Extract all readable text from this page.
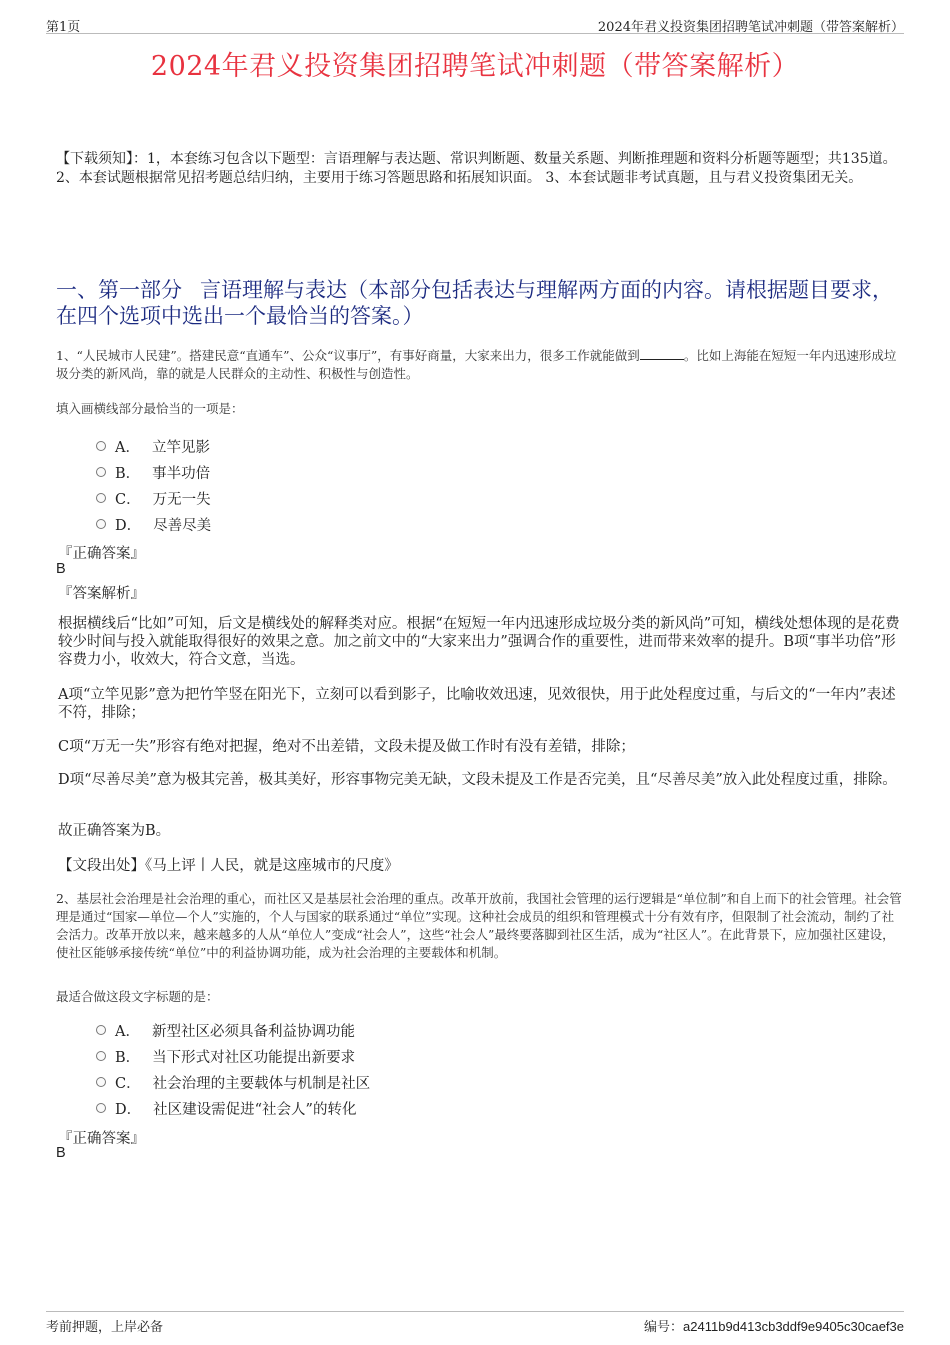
第1页	2024年君义投资集团招聘笔试冲刺题（带答案解析）
2024年君义投资集团招聘笔试冲刺题（带答案解析）
【下载须知】：1，本套练习包含以下题型：言语理解与表达题、常识判断题、数量关系题、判断推理题和资料分析题等题型；共135道。 2、本套试题根据常见招考题总结归纳，主要用于练习答题思路和拓展知识面。 3、本套试题非考试真题，且与君义投资集团无关。
一、第一部分 言语理解与表达（本部分包括表达与理解两方面的内容。请根据题目要求，在四个选项中选出一个最恰当的答案。）
1、“人民城市人民建”。搭建民意“直通车”、公众“议事厅”，有事好商量，大家来出力，很多工作就能做到	。比如上海能在短短一年内迅速形成垃圾分类的新风尚，靠的就是人民群众的主动性、积极性与创造性。
填入画横线部分最恰当的一项是：
A． 立竿见影
B． 事半功倍
C． 万无一失
D． 尽善尽美
『正确答案』
B
『答案解析』
根据横线后“比如”可知，后文是横线处的解释类对应。根据“在短短一年内迅速形成垃圾分类的新风尚”可知，横线处想体现的是花费较少时间与投入就能取得很好的效果之意。加之前文中的“大家来出力”强调合作的重要性，进而带来效率的提升。B项“事半功倍”形容费力小，收效大，符合文意，当选。
A项“立竿见影”意为把竹竿竖在阳光下，立刻可以看到影子，比喻收效迅速，见效很快，用于此处程度过重，与后文的“一年内”表述不符，排除；
C项“万无一失”形容有绝对把握，绝对不出差错，文段未提及做工作时有没有差错，排除；
D项“尽善尽美”意为极其完善，极其美好，形容事物完美无缺，文段未提及工作是否完美，且“尽善尽美”放入此处程度过重，排除。
故正确答案为B。
【文段出处】《马上评丨人民，就是这座城市的尺度》
2、基层社会治理是社会治理的重心，而社区又是基层社会治理的重点。改革开放前，我国社会管理的运行逻辑是“单位制”和自上而下的社会管理。社会管理是通过“国家—单位—个人”实施的，个人与国家的联系通过“单位”实现。这种社会成员的组织和管理模式十分有效有序，但限制了社会流动，制约了社会活力。改革开放以来，越来越多的人从“单位人”变成“社会人”，这些“社会人”最终要落脚到社区生活，成为“社区人”。在此背景下，应加强社区建设，使社区能够承接传统“单位”中的利益协调功能，成为社会治理的主要载体和机制。
最适合做这段文字标题的是：
A． 新型社区必须具备利益协调功能
B． 当下形式对社区功能提出新要求
C． 社会治理的主要载体与机制是社区
D． 社区建设需促进“社会人”的转化
『正确答案』
B
考前押题，上岸必备	编号：a2411b9d413cb3ddf9e9405c30caef3e
